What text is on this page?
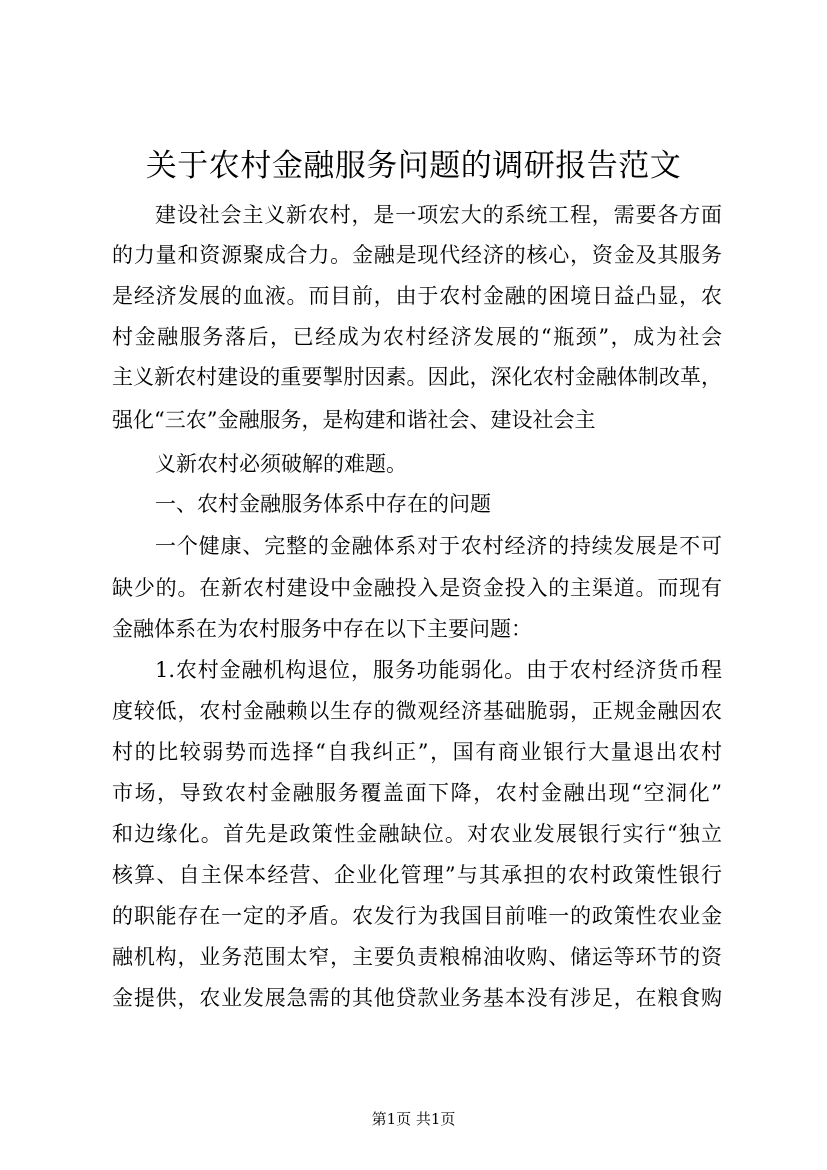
关于农村金融服务问题的调研报告范文
建设社会主义新农村，是一项宏大的系统工程，需要各方面
的力量和资源聚成合力。金融是现代经济的核心，资金及其服务
是经济发展的血液。而目前，由于农村金融的困境日益凸显，农
村金融服务落后，已经成为农村经济发展的“瓶颈”，成为社会
主义新农村建设的重要掣肘因素。因此，深化农村金融体制改革，
强化“三农”金融服务，是构建和谐社会、建设社会主
义新农村必须破解的难题。
一、农村金融服务体系中存在的问题
一个健康、完整的金融体系对于农村经济的持续发展是不可
缺少的。在新农村建设中金融投入是资金投入的主渠道。而现有
金融体系在为农村服务中存在以下主要问题：
1.农村金融机构退位，服务功能弱化。由于农村经济货币程
度较低，农村金融赖以生存的微观经济基础脆弱，正规金融因农
村的比较弱势而选择“自我纠正”，国有商业银行大量退出农村
市场，导致农村金融服务覆盖面下降，农村金融出现“空洞化”
和边缘化。首先是政策性金融缺位。对农业发展银行实行“独立
核算、自主保本经营、企业化管理”与其承担的农村政策性银行
的职能存在一定的矛盾。农发行为我国目前唯一的政策性农业金
融机构，业务范围太窄，主要负责粮棉油收购、储运等环节的资
金提供，农业发展急需的其他贷款业务基本没有涉足，在粮食购
第1页 共1页
